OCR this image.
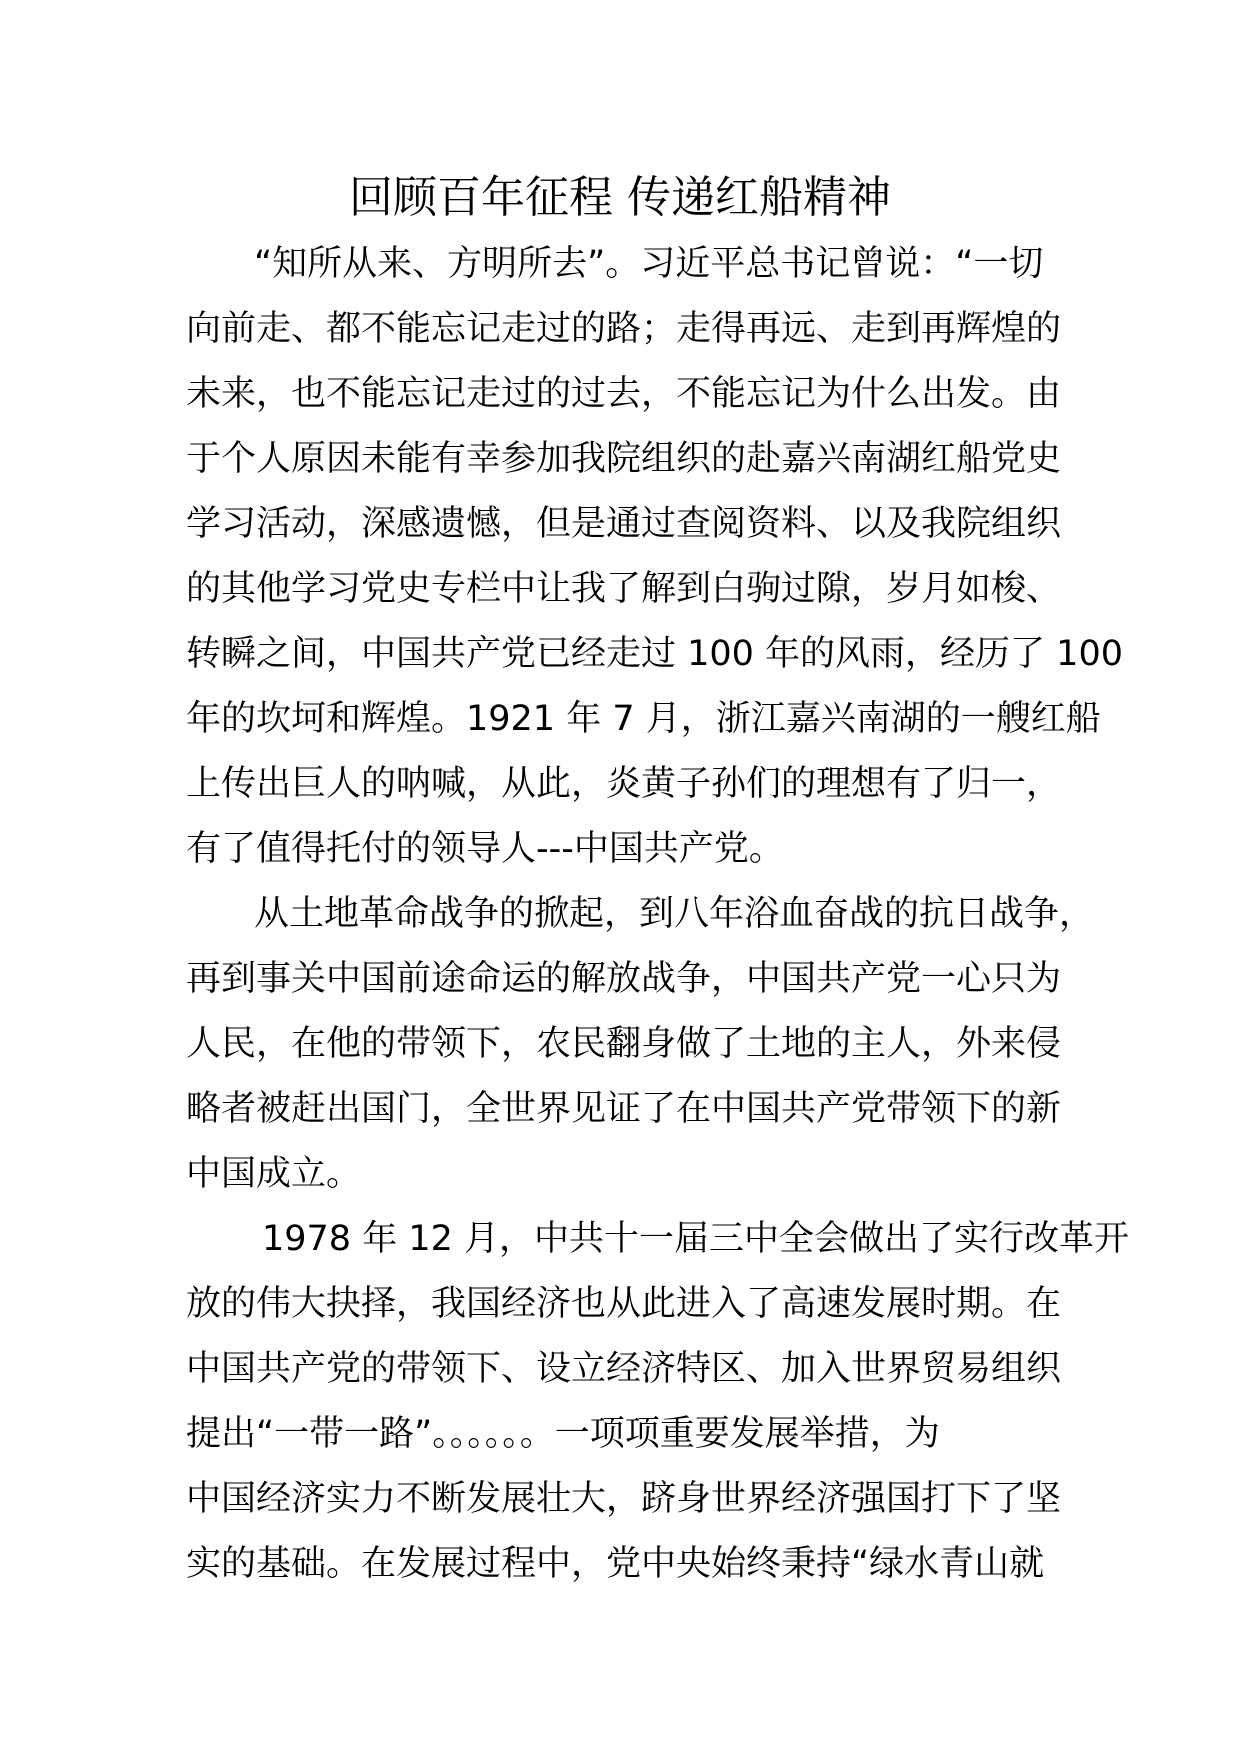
回顾百年征程 传递红船精神
“知所从来、方明所去”。习近平总书记曾说：“一切
向前走、都不能忘记走过的路；走得再远、走到再辉煌的
未来，也不能忘记走过的过去，不能忘记为什么出发。由
于个人原因未能有幸参加我院组织的赴嘉兴南湖红船党史
学习活动，深感遗憾，但是通过查阅资料、以及我院组织
的其他学习党史专栏中让我了解到白驹过隙，岁月如梭、
转瞬之间，中国共产党已经走过 100 年的风雨，经历了 100
年的坎坷和辉煌。1921 年 7 月，浙江嘉兴南湖的一艘红船
上传出巨人的呐喊，从此，炎黄子孙们的理想有了归一，
有了值得托付的领导人---中国共产党。
从土地革命战争的掀起，到八年浴血奋战的抗日战争，
再到事关中国前途命运的解放战争，中国共产党一心只为
人民，在他的带领下，农民翻身做了土地的主人，外来侵
略者被赶出国门，全世界见证了在中国共产党带领下的新
中国成立。
1978 年 12 月，中共十一届三中全会做出了实行改革开
放的伟大抉择，我国经济也从此进入了高速发展时期。在
中国共产党的带领下、设立经济特区、加入世界贸易组织
提出“一带一路”。。。。。。一项项重要发展举措，为
中国经济实力不断发展壮大，跻身世界经济强国打下了坚
实的基础。在发展过程中，党中央始终秉持“绿水青山就
